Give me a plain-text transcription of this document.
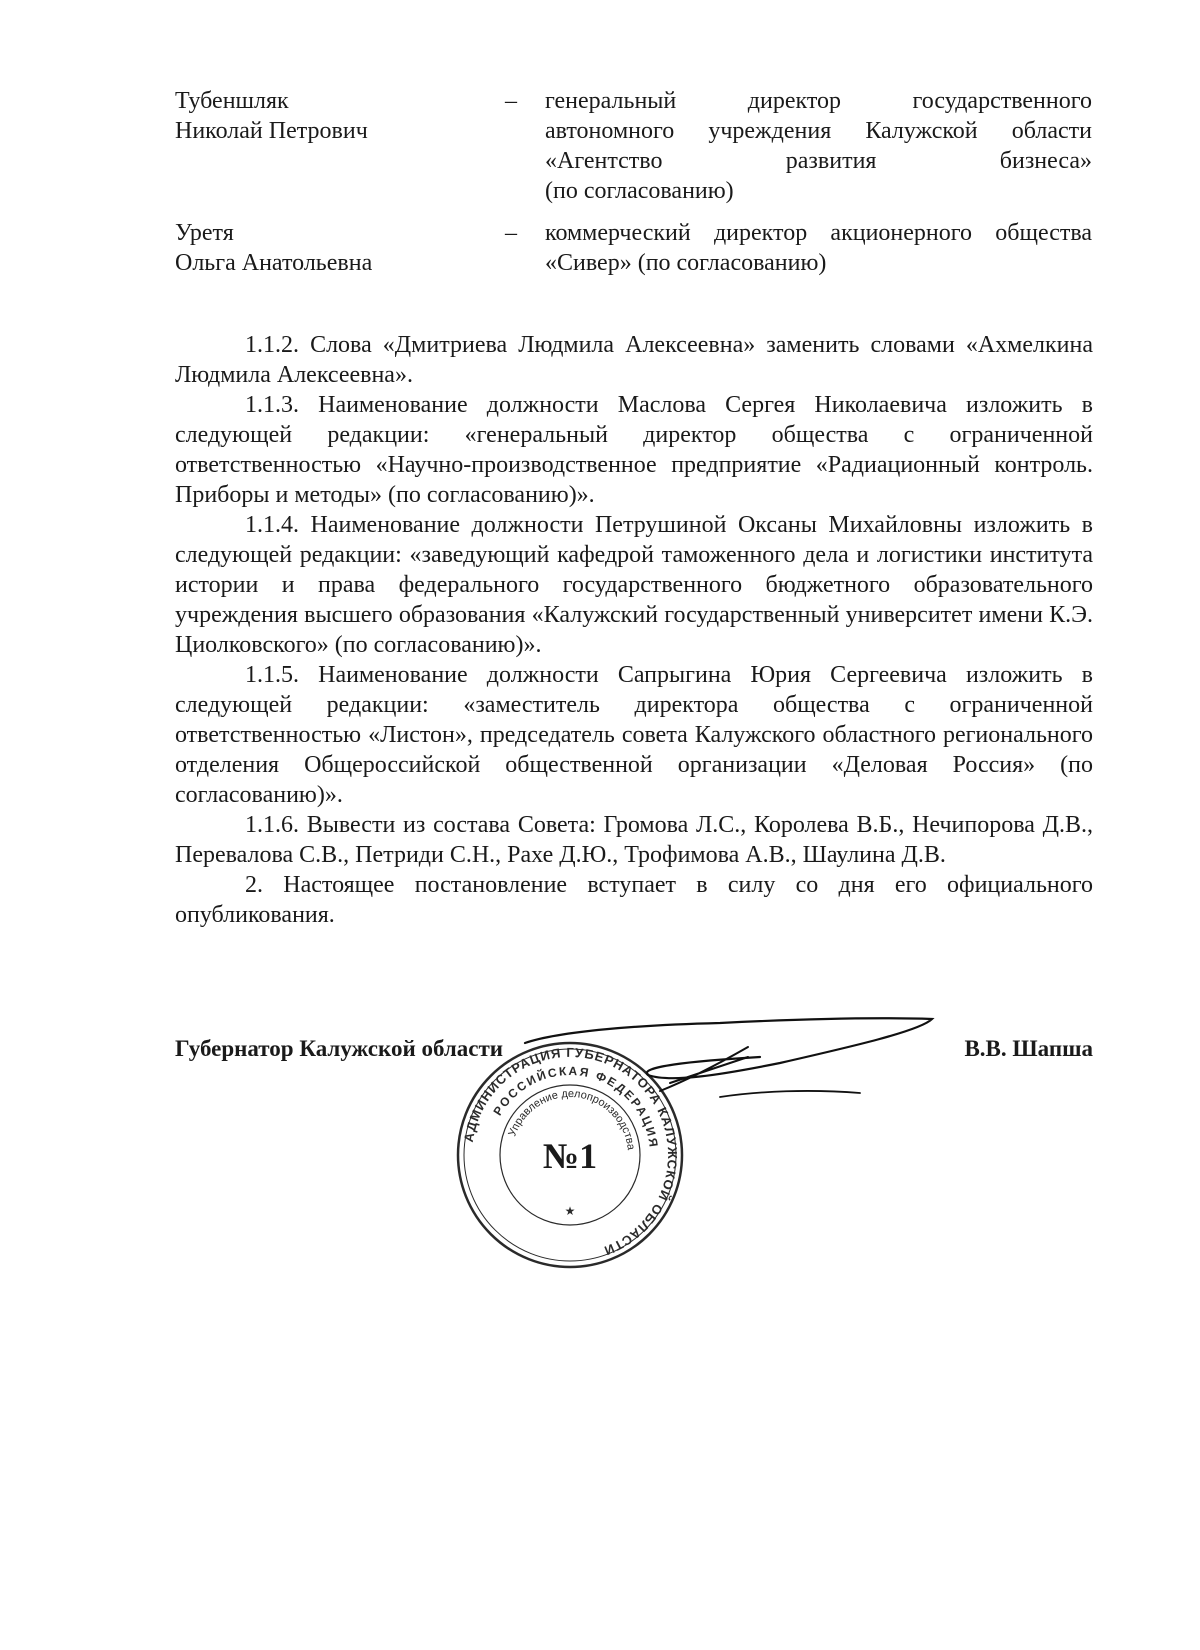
Тубеншляк
Николай Петрович
– генеральный директор государственного
автономного учреждения Калужской области
«Агентство развития бизнеса»
(по согласованию)
Уретя
Ольга Анатольевна
– коммерческий директор акционерного общества
«Сивер» (по согласованию)

1.1.2. Слова «Дмитриева Людмила Алексеевна» заменить словами «Ахмелкина Людмила Алексеевна».

1.1.3. Наименование должности Маслова Сергея Николаевича изложить в следующей редакции: «генеральный директор общества с ограниченной ответственностью «Научно-производственное предприятие «Радиационный контроль. Приборы и методы» (по согласованию)».

1.1.4. Наименование должности Петрушиной Оксаны Михайловны изложить в следующей редакции: «заведующий кафедрой таможенного дела и логистики института истории и права федерального государственного бюджетного образовательного учреждения высшего образования «Калужский государственный университет имени К.Э. Циолковского» (по согласованию)».

1.1.5. Наименование должности Сапрыгина Юрия Сергеевича изложить в следующей редакции: «заместитель директора общества с ограниченной ответственностью «Листон», председатель совета Калужского областного регионального отделения Общероссийской общественной организации «Деловая Россия» (по согласованию)».

1.1.6. Вывести из состава Совета: Громова Л.С., Королева В.Б., Нечипорова Д.В., Перевалова С.В., Петриди С.Н., Рахе Д.Ю., Трофимова А.В., Шаулина Д.В.

2. Настоящее постановление вступает в силу со дня его официального опубликования.

Губернатор Калужской области	В.В. Шапша
АДМИНИСТРАЦИЯ ГУБЕРНАТОРА КАЛУЖСКОЙ ОБЛАСТИ
РОССИЙСКАЯ ФЕДЕРАЦИЯ
Управление делопроизводства
№1
★
